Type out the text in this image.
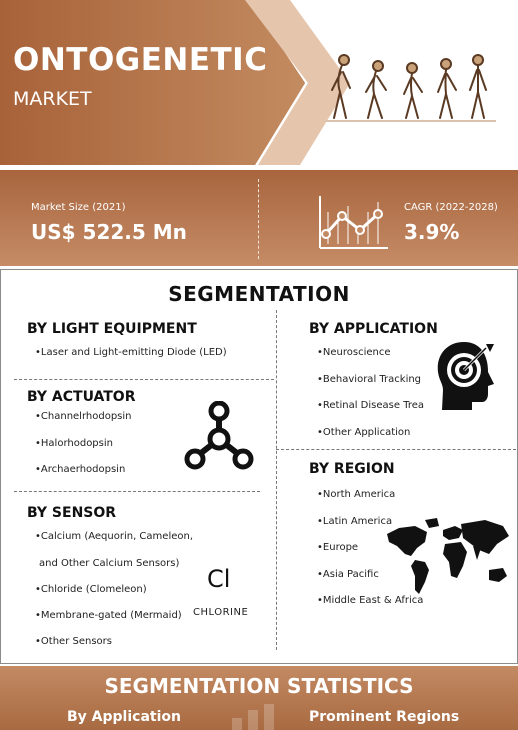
ONTOGENETIC
MARKET
Market Size (2021)
US$ 522.5 Mn
CAGR (2022-2028)
3.9%
SEGMENTATION
BY LIGHT EQUIPMENT
•Laser and Light-emitting Diode (LED)
BY ACTUATOR
•Channelrhodopsin
•Halorhodopsin
•Archaerhodopsin
BY SENSOR
•Calcium (Aequorin, Cameleon,
and Other Calcium Sensors)
•Chloride (Clomeleon)
•Membrane-gated (Mermaid)
•Other Sensors
Cl
CHLORINE
BY APPLICATION
•Neuroscience
•Behavioral Tracking
•Retinal Disease Trea
•Other Application
BY REGION
•North America
•Latin America
•Europe
•Asia Pacific
•Middle East & Africa
SEGMENTATION STATISTICS
By Application	Prominent Regions
